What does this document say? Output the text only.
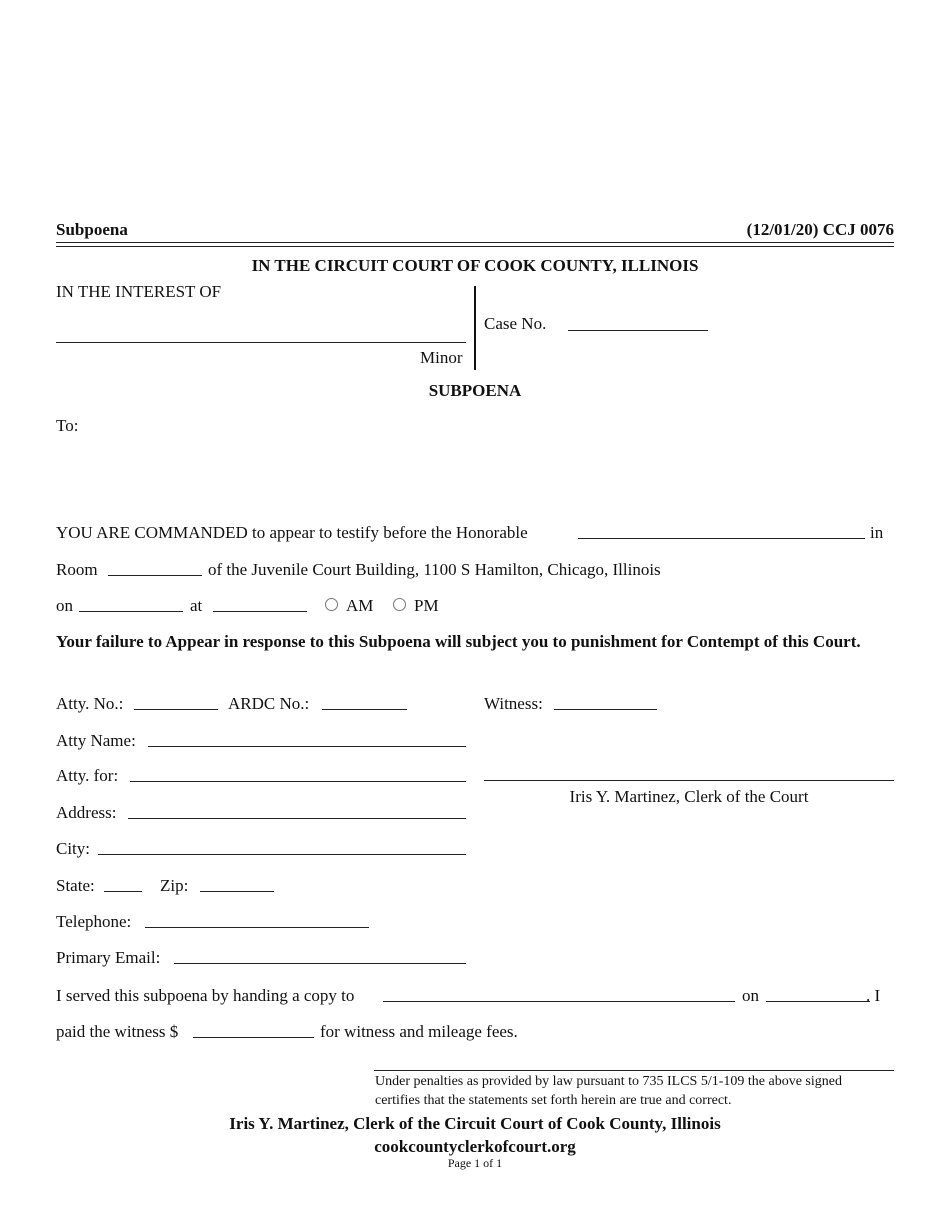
Subpoena	(12/01/20) CCJ 0076
IN THE CIRCUIT COURT OF COOK COUNTY, ILLINOIS
IN THE INTEREST OF
Minor
Case No.
SUBPOENA
To:
YOU ARE COMMANDED to appear to testify before the Honorable	in
Room	of the Juvenile Court Building, 1100 S Hamilton, Chicago, Illinois
on	at	AM PM
Your failure to Appear in response to this Subpoena will subject you to punishment for Contempt of this Court.
Atty. No.:	ARDC No.:	Witness:
Atty Name:
Atty. for:
Iris Y. Martinez, Clerk of the Court
Address:
City:
State:	Zip:
Telephone:
Primary Email:
I served this subpoena by handing a copy to	on	. I
paid the witness $	for witness and mileage fees.
Under penalties as provided by law pursuant to 735 ILCS 5/1-109 the above signed
certifies that the statements set forth herein are true and correct.
Iris Y. Martinez, Clerk of the Circuit Court of Cook County, Illinois
cookcountyclerkofcourt.org
Page 1 of 1
